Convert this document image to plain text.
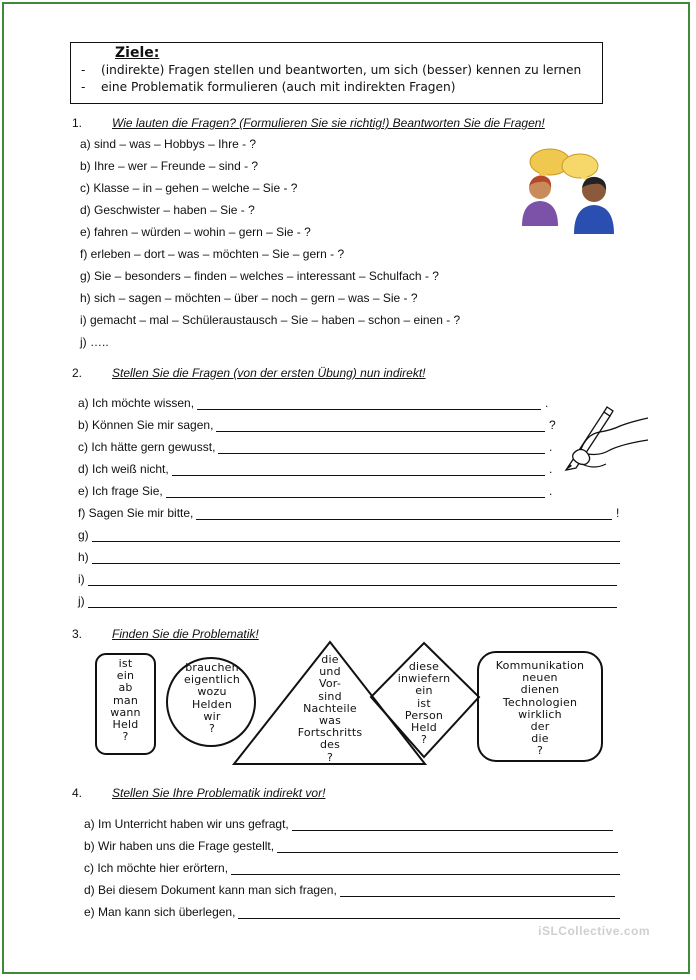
Ziele:
- (indirekte) Fragen stellen und beantworten, um sich (besser) kennen zu lernen
- eine Problematik formulieren (auch mit indirekten Fragen)
1. Wie lauten die Fragen? (Formulieren Sie sie richtig!) Beantworten Sie die Fragen!
a) sind – was – Hobbys – Ihre - ?
b) Ihre – wer – Freunde – sind - ?
c) Klasse – in – gehen – welche – Sie - ?
d) Geschwister – haben – Sie - ?
e) fahren – würden – wohin – gern – Sie - ?
f) erleben – dort – was – möchten – Sie – gern - ?
g) Sie – besonders – finden – welches – interessant – Schulfach - ?
h) sich – sagen – möchten – über – noch – gern – was – Sie - ?
i) gemacht – mal – Schüleraustausch – Sie – haben – schon – einen - ?
j) …..
2. Stellen Sie die Fragen (von der ersten Übung) nun indirekt!
a) Ich möchte wissen,	.
b) Können Sie mir sagen,	?
c) Ich hätte gern gewusst,	.
d) Ich weiß nicht,	.
e) Ich frage Sie,	.
f) Sagen Sie mir bitte,	!
g)
h)
i)
j)
3. Finden Sie die Problematik!
ist
ein
ab
man
wann
Held
?
brauchen
eigentlich
wozu
Helden
wir
?
die
und
Vor-
sind
Nachteile
was
Fortschritts
des
?
diese
inwiefern
ein
ist
Person
Held
?
Kommunikation
neuen
dienen
Technologien
wirklich
der
die
?
4. Stellen Sie Ihre Problematik indirekt vor!
a) Im Unterricht haben wir uns gefragt,
b) Wir haben uns die Frage gestellt,
c) Ich möchte hier erörtern,
d) Bei diesem Dokument kann man sich fragen,
e) Man kann sich überlegen,
iSLCollective.com
